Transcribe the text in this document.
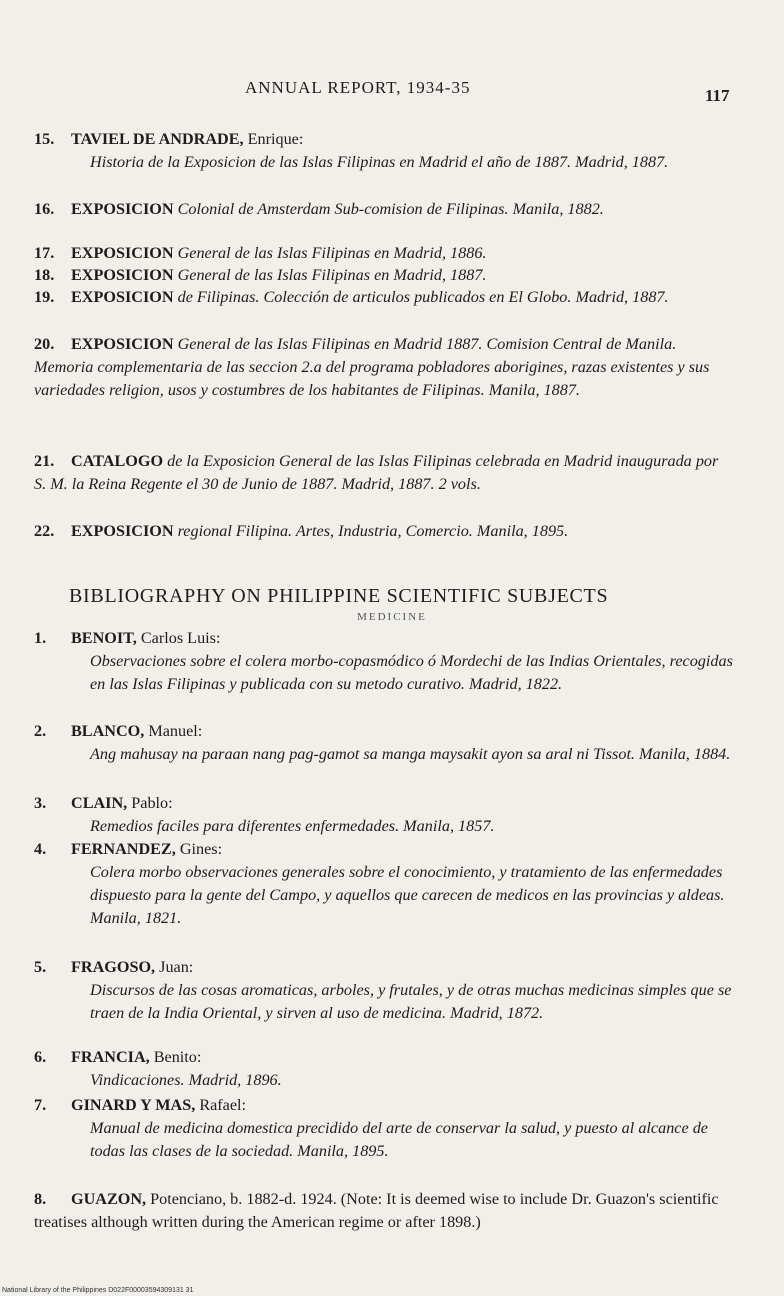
ANNUAL REPORT, 1934-35	117
15. TAVIEL DE ANDRADE, Enrique:
Historia de la Exposicion de las Islas Filipinas en Madrid el año de 1887. Madrid, 1887.
16. EXPOSICION Colonial de Amsterdam Sub-comision de Filipinas. Manila, 1882.
17. EXPOSICION General de las Islas Filipinas en Madrid, 1886.
18. EXPOSICION General de las Islas Filipinas en Madrid, 1887.
19. EXPOSICION de Filipinas. Colección de articulos publicados en El Globo. Madrid, 1887.
20. EXPOSICION General de las Islas Filipinas en Madrid 1887. Comision Central de Manila. Memoria complementaria de las seccion 2.a del programa pobladores aborigines, razas existentes y sus variedades religion, usos y costumbres de los habitantes de Filipinas. Manila, 1887.
21. CATALOGO de la Exposicion General de las Islas Filipinas celebrada en Madrid inaugurada por S. M. la Reina Regente el 30 de Junio de 1887. Madrid, 1887. 2 vols.
22. EXPOSICION regional Filipina. Artes, Industria, Comercio. Manila, 1895.
BIBLIOGRAPHY ON PHILIPPINE SCIENTIFIC SUBJECTS
MEDICINE
1. BENOIT, Carlos Luis:
Observaciones sobre el colera morbo-copasmódico ó Mordechi de las Indias Orientales, recogidas en las Islas Filipinas y publicada con su metodo curativo. Madrid, 1822.
2. BLANCO, Manuel:
Ang mahusay na paraan nang pag-gamot sa manga maysakit ayon sa aral ni Tissot. Manila, 1884.
3. CLAIN, Pablo:
Remedios faciles para diferentes enfermedades. Manila, 1857.
4. FERNANDEZ, Gines:
Colera morbo observaciones generales sobre el conocimiento, y tratamiento de las enfermedades dispuesto para la gente del Campo, y aquellos que carecen de medicos en las provincias y aldeas. Manila, 1821.
5. FRAGOSO, Juan:
Discursos de las cosas aromaticas, arboles, y frutales, y de otras muchas medicinas simples que se traen de la India Oriental, y sirven al uso de medicina. Madrid, 1872.
6. FRANCIA, Benito:
Vindicaciones. Madrid, 1896.
7. GINARD Y MAS, Rafael:
Manual de medicina domestica precidido del arte de conservar la salud, y puesto al alcance de todas las clases de la sociedad. Manila, 1895.
8. GUAZON, Potenciano, b. 1882-d. 1924. (Note: It is deemed wise to include Dr. Guazon's scientific treatises although written during the American regime or after 1898.)
National Library of the Philippines D022F00003594309131 31
